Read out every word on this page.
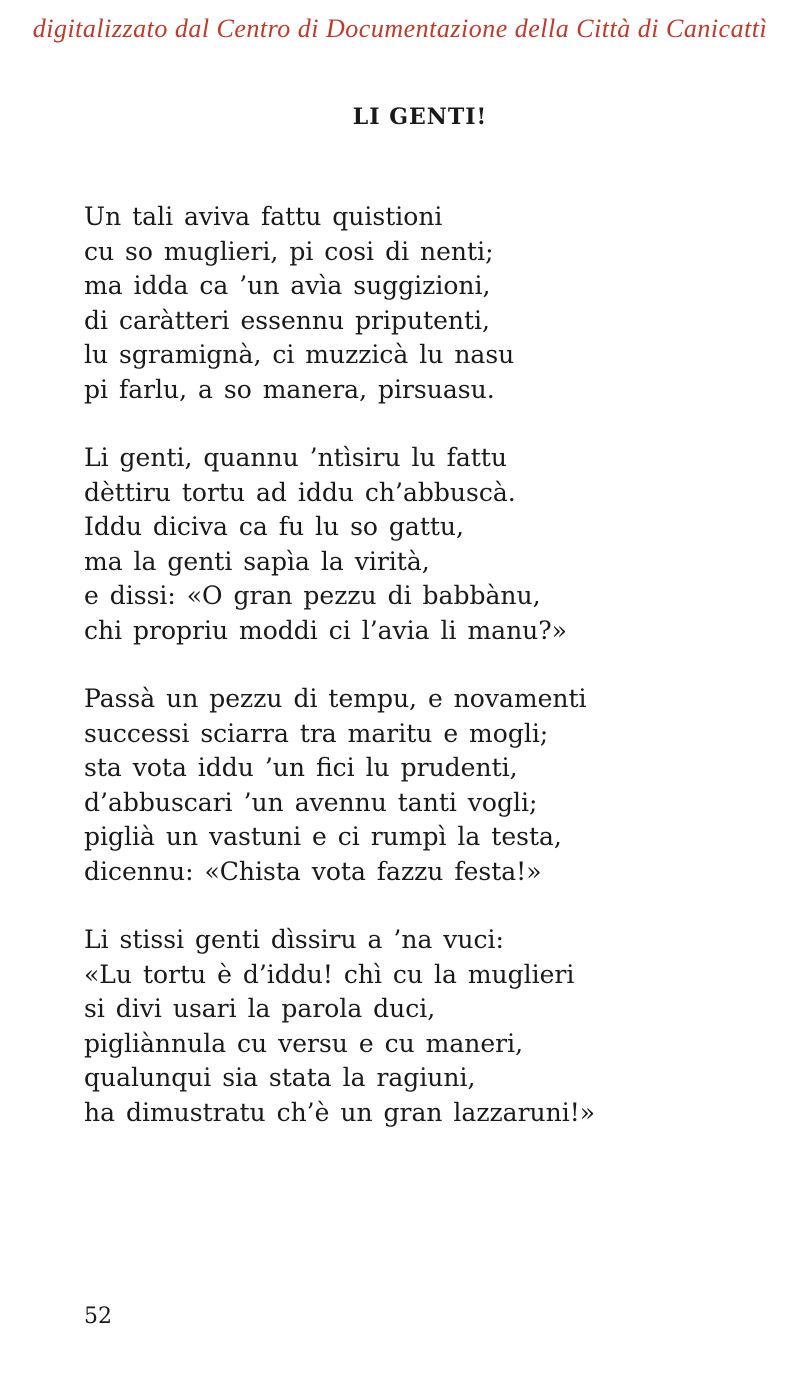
digitalizzato dal Centro di Documentazione della Città di Canicattì
LI GENTI!
Un tali aviva fattu quistioni
cu so muglieri, pi cosi di nenti;
ma idda ca ’un avìa suggizioni,
di caràtteri essennu priputenti,
lu sgramignà, ci muzzicà lu nasu
pi farlu, a so manera, pirsuasu.
Li genti, quannu ’ntìsiru lu fattu
dèttiru tortu ad iddu ch’abbuscà.
Iddu diciva ca fu lu so gattu,
ma la genti sapìa la virità,
e dissi: «O gran pezzu di babbànu,
chi propriu moddi ci l’avia li manu?»
Passà un pezzu di tempu, e novamenti
successi sciarra tra maritu e mogli;
sta vota iddu ’un fici lu prudenti,
d’abbuscari ’un avennu tanti vogli;
piglià un vastuni e ci rumpì la testa,
dicennu: «Chista vota fazzu festa!»
Li stissi genti dìssiru a ’na vuci:
«Lu tortu è d’iddu! chì cu la muglieri
si divi usari la parola duci,
pigliànnula cu versu e cu maneri,
qualunqui sia stata la ragiuni,
ha dimustratu ch’è un gran lazzaruni!»
52
